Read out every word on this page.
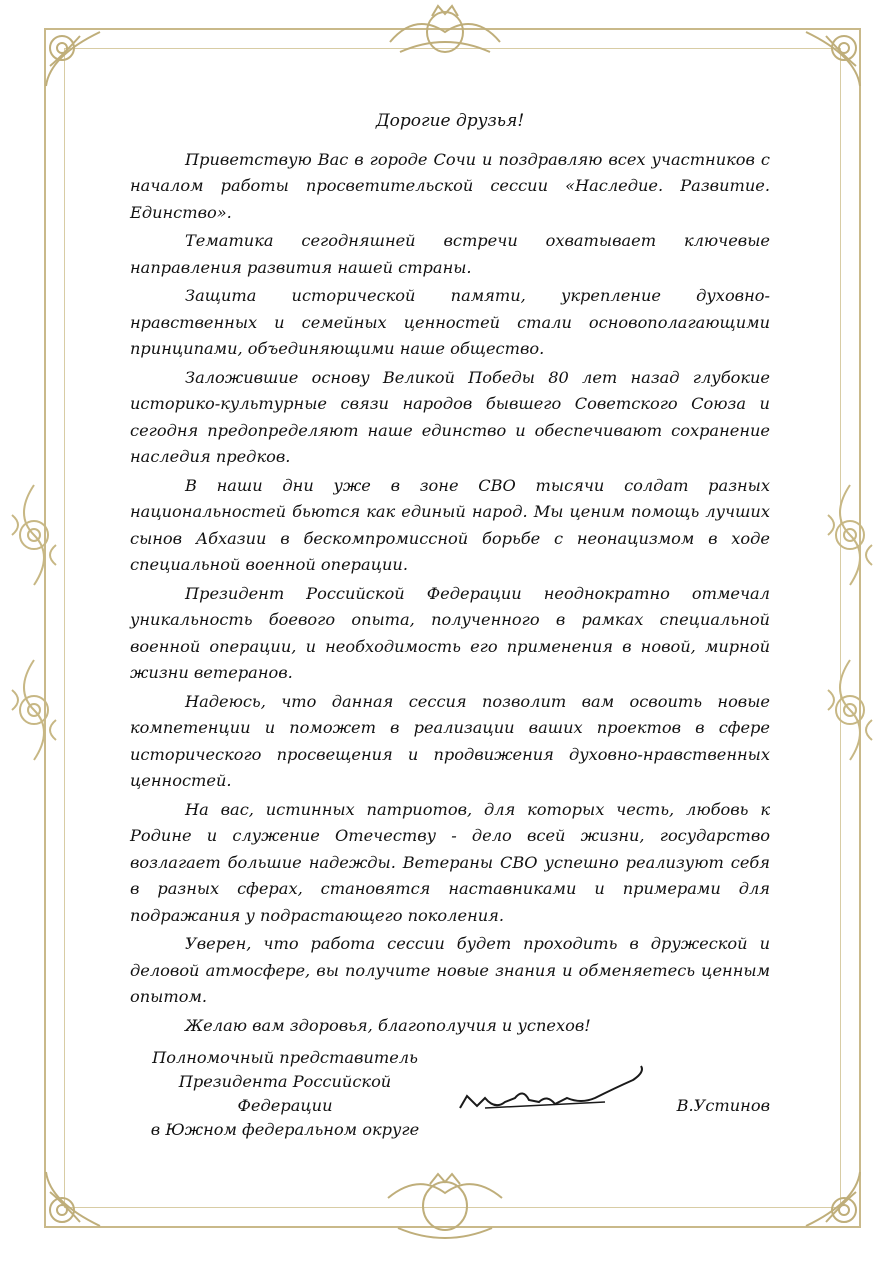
Дорогие друзья!

Приветствую Вас в городе Сочи и поздравляю всех участников с началом работы просветительской сессии «Наследие. Развитие. Единство».

Тематика сегодняшней встречи охватывает ключевые направления развития нашей страны.

Защита исторической памяти, укрепление духовно-нравственных и семейных ценностей стали основополагающими принципами, объединяющими наше общество.

Заложившие основу Великой Победы 80 лет назад глубокие историко-культурные связи народов бывшего Советского Союза и сегодня предопределяют наше единство и обеспечивают сохранение наследия предков.

В наши дни уже в зоне СВО тысячи солдат разных национальностей бьются как единый народ. Мы ценим помощь лучших сынов Абхазии в бескомпромиссной борьбе с неонацизмом в ходе специальной военной операции.

Президент Российской Федерации неоднократно отмечал уникальность боевого опыта, полученного в рамках специальной военной операции, и необходимость его применения в новой, мирной жизни ветеранов.

Надеюсь, что данная сессия позволит вам освоить новые компетенции и поможет в реализации ваших проектов в сфере исторического просвещения и продвижения духовно-нравственных ценностей.

На вас, истинных патриотов, для которых честь, любовь к Родине и служение Отечеству - дело всей жизни, государство возлагает большие надежды. Ветераны СВО успешно реализуют себя в разных сферах, становятся наставниками и примерами для подражания у подрастающего поколения.

Уверен, что работа сессии будет проходить в дружеской и деловой атмосфере, вы получите новые знания и обменяетесь ценным опытом.

Желаю вам здоровья, благополучия и успехов!

Полномочный представитель
Президента Российской Федерации
в Южном федеральном округе
В.Устинов
